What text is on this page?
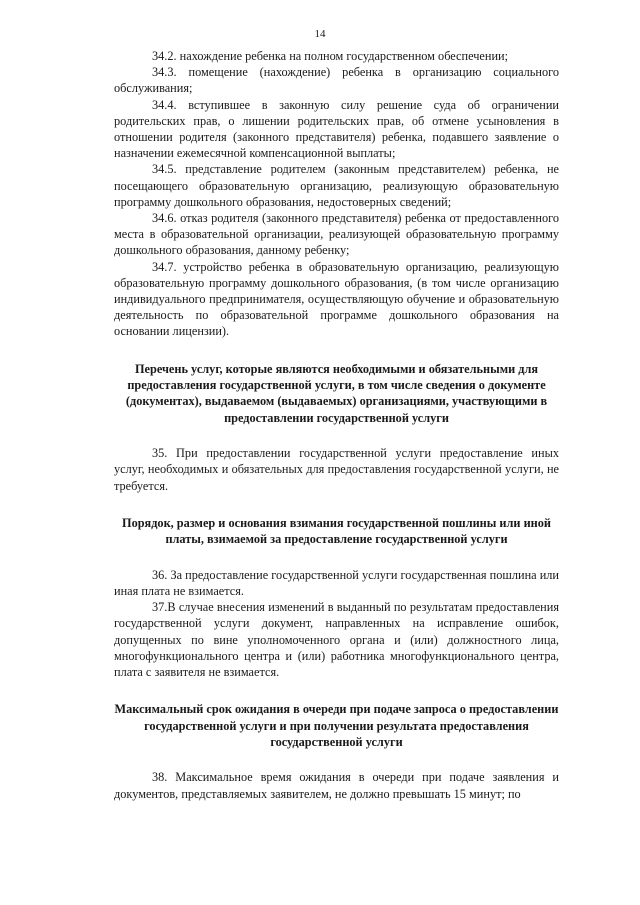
14

34.2. нахождение ребенка на полном государственном обеспечении;

34.3. помещение (нахождение) ребенка в организацию социального обслуживания;

34.4. вступившее в законную силу решение суда об ограничении родительских прав, о лишении родительских прав, об отмене усыновления в отношении родителя (законного представителя) ребенка, подавшего заявление о назначении ежемесячной компенсационной выплаты;

34.5. представление родителем (законным представителем) ребенка, не посещающего образовательную организацию, реализующую образовательную программу дошкольного образования, недостоверных сведений;

34.6. отказ родителя (законного представителя) ребенка от предоставленного места в образовательной организации, реализующей образовательную программу дошкольного образования, данному ребенку;

34.7. устройство ребенка в образовательную организацию, реализующую образовательную программу дошкольного образования, (в том числе организацию индивидуального предпринимателя, осуществляющую обучение и образовательную деятельность по образовательной программе дошкольного образования на основании лицензии).

Перечень услуг, которые являются необходимыми и обязательными для предоставления государственной услуги, в том числе сведения о документе (документах), выдаваемом (выдаваемых) организациями, участвующими в предоставлении государственной услуги

35. При предоставлении государственной услуги предоставление иных услуг, необходимых и обязательных для предоставления государственной услуги, не требуется.

Порядок, размер и основания взимания государственной пошлины или иной платы, взимаемой за предоставление государственной услуги

36. За предоставление государственной услуги государственная пошлина или иная плата не взимается.

37.В случае внесения изменений в выданный по результатам предоставления государственной услуги документ, направленных на исправление ошибок, допущенных по вине уполномоченного органа и (или) должностного лица, многофункционального центра и (или) работника многофункционального центра, плата с заявителя не взимается.

Максимальный срок ожидания в очереди при подаче запроса о предоставлении государственной услуги и при получении результата предоставления государственной услуги

38. Максимальное время ожидания в очереди при подаче заявления и документов, представляемых заявителем, не должно превышать 15 минут; по
